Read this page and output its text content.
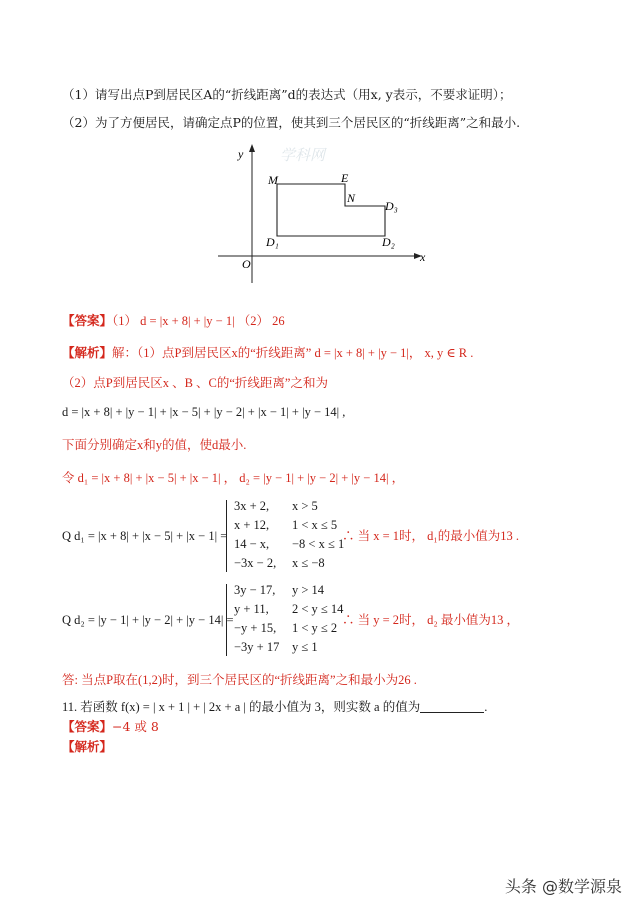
（1）请写出点P到居民区A的“折线距离”d的表达式（用x, y表示，不要求证明）；
（2）为了方便居民，请确定点P的位置，使其到三个居民区的“折线距离”之和最小.
学科网
y
x
O
M	E
N
D₃
D₁	D₂
【答案】（1） d = |x + 8| + |y − 1| （2） 26
【解析】解：（1）点P到居民区x的“折线距离” d = |x + 8| + |y − 1|， x, y ∈ R .
（2）点P到居民区x 、B 、C的“折线距离”之和为
d = |x + 8| + |y − 1| + |x − 5| + |y − 2| + |x − 1| + |y − 14| ,
下面分别确定x和y的值，使d最小.
令 d₁ = |x + 8| + |x − 5| + |x − 1| ， d₂ = |y − 1| + |y − 2| + |y − 14| ，
Q d₁ = |x + 8| + |x − 5| + |x − 1| =
3x + 2, x > 5
x + 12, 1 < x ≤ 5
14 − x, −8 < x ≤ 1
−3x − 2, x ≤ −8
∴ 当 x = 1时， d₁的最小值为13 .
Q d₂ = |y − 1| + |y − 2| + |y − 14| =
3y − 17, y > 14
y + 11, 2 < y ≤ 14
−y + 15, 1 < y ≤ 2
−3y + 17 y ≤ 1
∴ 当 y = 2时， d₂ 最小值为13 ，
答: 当点P取在(1,2)时，到三个居民区的“折线距离”之和最小为26 .
11. 若函数 f(x) = | x + 1 | + | 2x + a | 的最小值为 3，则实数 a 的值为	.
【答案】−4 或 8
【解析】
头条 @数学源泉
